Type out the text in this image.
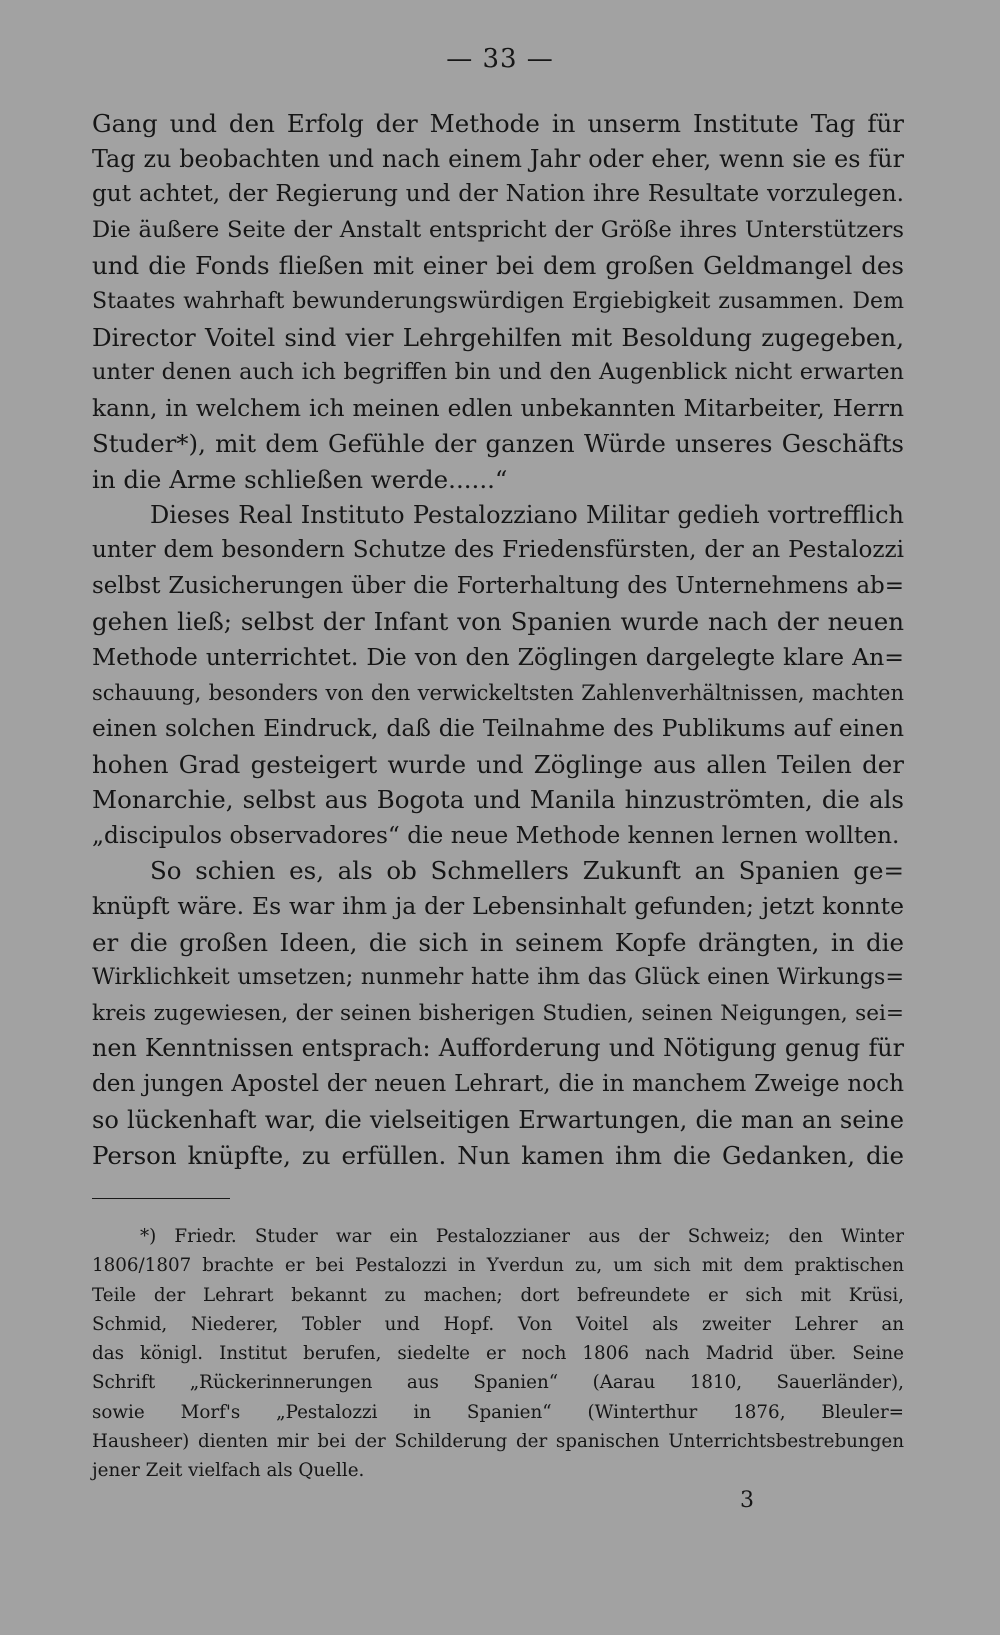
— 33 —
Gang und den Erfolg der Methode in unserm Institute Tag für
Tag zu beobachten und nach einem Jahr oder eher, wenn sie es für
gut achtet, der Regierung und der Nation ihre Resultate vorzulegen.
Die äußere Seite der Anstalt entspricht der Größe ihres Unterstützers
und die Fonds fließen mit einer bei dem großen Geldmangel des
Staates wahrhaft bewunderungswürdigen Ergiebigkeit zusammen. Dem
Director Voitel sind vier Lehrgehilfen mit Besoldung zugegeben,
unter denen auch ich begriffen bin und den Augenblick nicht erwarten
kann, in welchem ich meinen edlen unbekannten Mitarbeiter, Herrn
Studer*), mit dem Gefühle der ganzen Würde unseres Geschäfts
in die Arme schließen werde......“
Dieses Real Instituto Pestalozziano Militar gedieh vortrefflich
unter dem besondern Schutze des Friedensfürsten, der an Pestalozzi
selbst Zusicherungen über die Forterhaltung des Unternehmens ab=
gehen ließ; selbst der Infant von Spanien wurde nach der neuen
Methode unterrichtet. Die von den Zöglingen dargelegte klare An=
schauung, besonders von den verwickeltsten Zahlenverhältnissen, machten
einen solchen Eindruck, daß die Teilnahme des Publikums auf einen
hohen Grad gesteigert wurde und Zöglinge aus allen Teilen der
Monarchie, selbst aus Bogota und Manila hinzuströmten, die als
„discipulos observadores“ die neue Methode kennen lernen wollten.
So schien es, als ob Schmellers Zukunft an Spanien ge=
knüpft wäre. Es war ihm ja der Lebensinhalt gefunden; jetzt konnte
er die großen Ideen, die sich in seinem Kopfe drängten, in die
Wirklichkeit umsetzen; nunmehr hatte ihm das Glück einen Wirkungs=
kreis zugewiesen, der seinen bisherigen Studien, seinen Neigungen, sei=
nen Kenntnissen entsprach: Aufforderung und Nötigung genug für
den jungen Apostel der neuen Lehrart, die in manchem Zweige noch
so lückenhaft war, die vielseitigen Erwartungen, die man an seine
Person knüpfte, zu erfüllen. Nun kamen ihm die Gedanken, die
*) Friedr. Studer war ein Pestalozzianer aus der Schweiz; den Winter
1806/1807 brachte er bei Pestalozzi in Yverdun zu, um sich mit dem praktischen
Teile der Lehrart bekannt zu machen; dort befreundete er sich mit Krüsi,
Schmid, Niederer, Tobler und Hopf. Von Voitel als zweiter Lehrer an
das königl. Institut berufen, siedelte er noch 1806 nach Madrid über. Seine
Schrift „Rückerinnerungen aus Spanien“ (Aarau 1810, Sauerländer),
sowie Morf's „Pestalozzi in Spanien“ (Winterthur 1876, Bleuler=
Hausheer) dienten mir bei der Schilderung der spanischen Unterrichtsbestrebungen
jener Zeit vielfach als Quelle.
3
